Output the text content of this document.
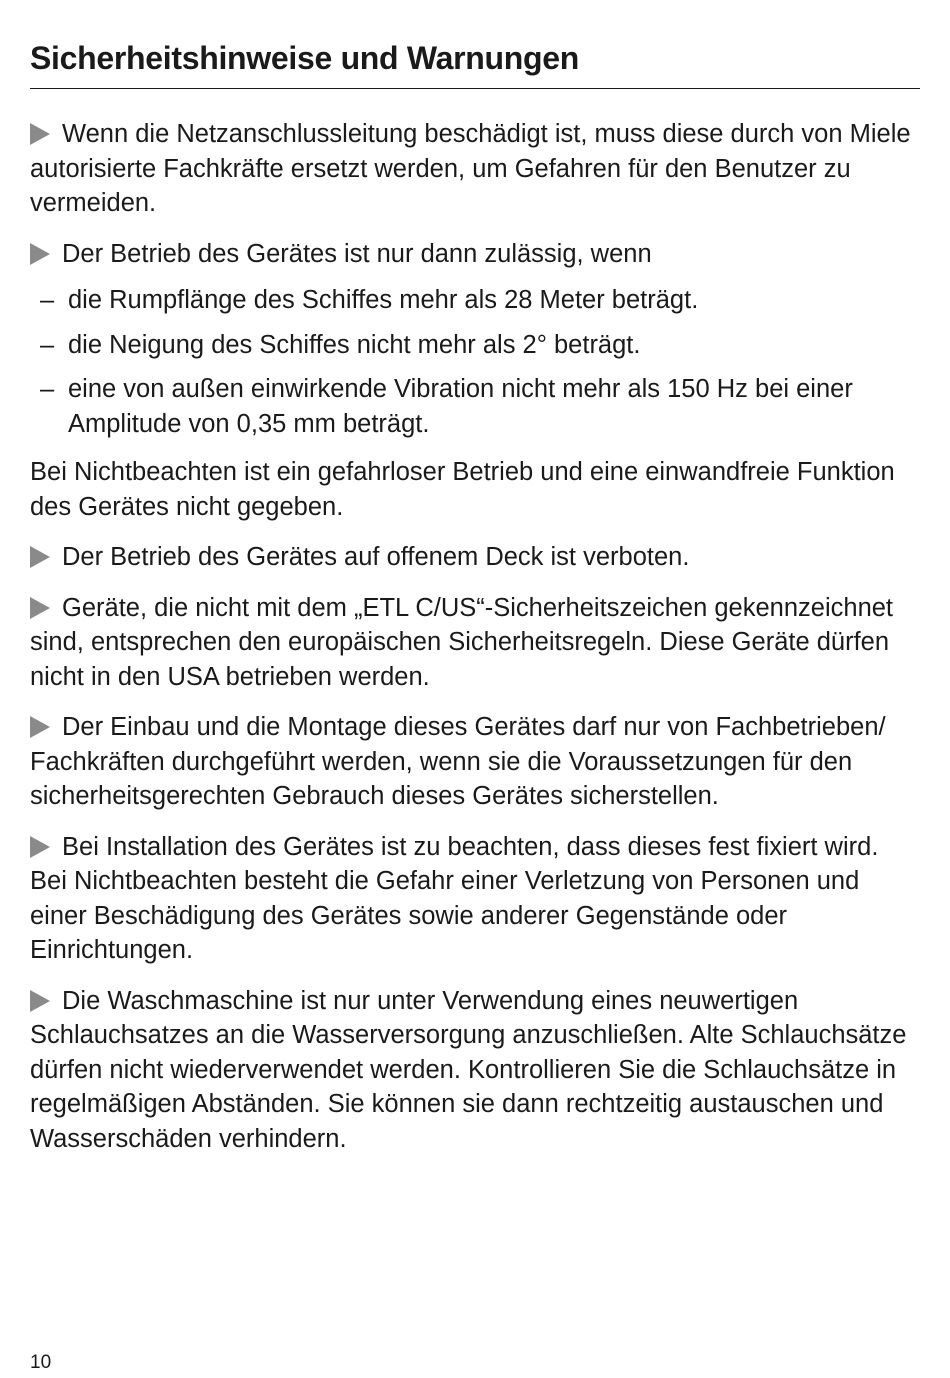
Sicherheitshinweise und Warnungen

Wenn die Netzanschlussleitung beschädigt ist, muss diese durch von Miele autorisierte Fachkräfte ersetzt werden, um Gefahren für den Benutzer zu vermeiden.

Der Betrieb des Gerätes ist nur dann zulässig, wenn

– die Rumpflänge des Schiffes mehr als 28 Meter beträgt.
– die Neigung des Schiffes nicht mehr als 2° beträgt.
– eine von außen einwirkende Vibration nicht mehr als 150 Hz bei einer Amplitude von 0,35 mm beträgt.

Bei Nichtbeachten ist ein gefahrloser Betrieb und eine einwandfreie Funktion des Gerätes nicht gegeben.

Der Betrieb des Gerätes auf offenem Deck ist verboten.

Geräte, die nicht mit dem „ETL C/US“-Sicherheitszeichen gekennzeichnet sind, entsprechen den europäischen Sicherheitsregeln. Diese Geräte dürfen nicht in den USA betrieben werden.

Der Einbau und die Montage dieses Gerätes darf nur von Fachbetrieben/ Fachkräften durchgeführt werden, wenn sie die Voraussetzungen für den sicherheitsgerechten Gebrauch dieses Gerätes sicherstellen.

Bei Installation des Gerätes ist zu beachten, dass dieses fest fixiert wird.
Bei Nichtbeachten besteht die Gefahr einer Verletzung von Personen und einer Beschädigung des Gerätes sowie anderer Gegenstände oder Einrichtungen.

Die Waschmaschine ist nur unter Verwendung eines neuwertigen Schlauchsatzes an die Wasserversorgung anzuschließen. Alte Schlauchsätze dürfen nicht wiederverwendet werden. Kontrollieren Sie die Schlauchsätze in regelmäßigen Abständen. Sie können sie dann rechtzeitig austauschen und Wasserschäden verhindern.

10
